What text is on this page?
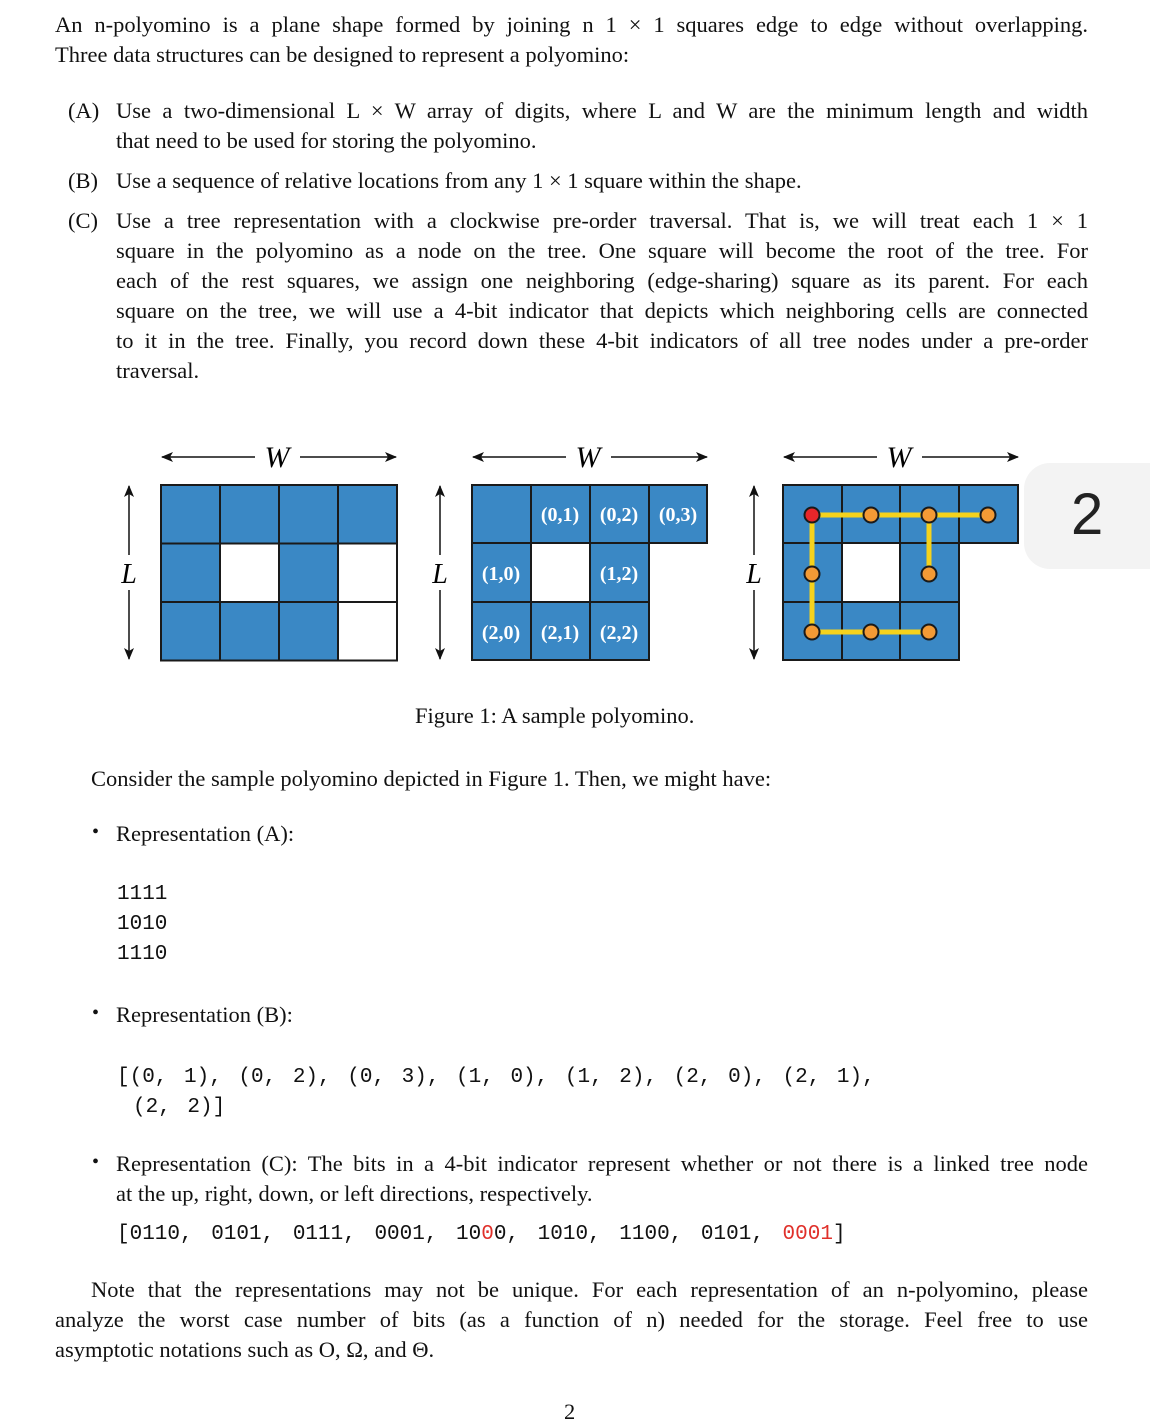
An n-polyomino is a plane shape formed by joining n 1 × 1 squares edge to edge without overlapping.
Three data structures can be designed to represent a polyomino:
(A) Use a two-dimensional L × W array of digits, where L and W are the minimum length and width
that need to be used for storing the polyomino.
(B) Use a sequence of relative locations from any 1 × 1 square within the shape.
(C) Use a tree representation with a clockwise pre-order traversal. That is, we will treat each 1 × 1
square in the polyomino as a node on the tree. One square will become the root of the tree. For
each of the rest squares, we assign one neighboring (edge-sharing) square as its parent. For each
square on the tree, we will use a 4-bit indicator that depicts which neighboring cells are connected
to it in the tree. Finally, you record down these 4-bit indicators of all tree nodes under a pre-order
traversal.
W
L
W
L
(0,1) (0,2) (0,3)
(1,0)	(1,2)
(2,0) (2,1) (2,2)
W
L
2
Figure 1: A sample polyomino.
Consider the sample polyomino depicted in Figure 1. Then, we might have:
• Representation (A):
1111
1010
1110
• Representation (B):
[(0, 1), (0, 2), (0, 3), (1, 0), (1, 2), (2, 0), (2, 1),
(2, 2)]
• Representation (C): The bits in a 4-bit indicator represent whether or not there is a linked tree node
at the up, right, down, or left directions, respectively.
[0110, 0101, 0111, 0001, 1000, 1010, 1100, 0101, 0001]
Note that the representations may not be unique. For each representation of an n-polyomino, please
analyze the worst case number of bits (as a function of n) needed for the storage. Feel free to use
asymptotic notations such as O, Ω, and Θ.
2
